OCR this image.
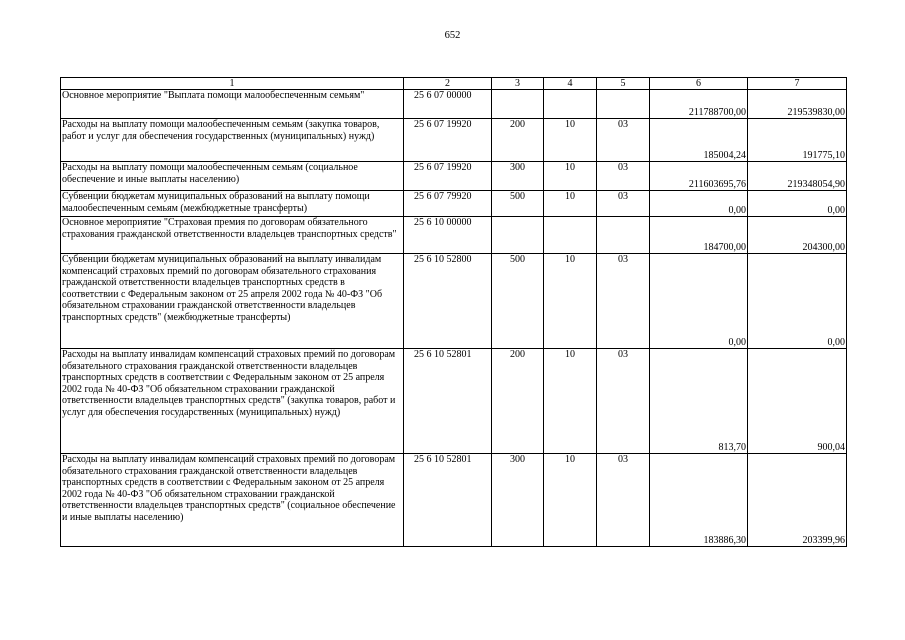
652
1	2	3	4	5	6	7
Основное мероприятие "Выплата помощи малообеспеченным семьям"	25 6 07 00000				211788700,00	219539830,00
Расходы на выплату помощи малообеспеченным семьям (закупка товаров, работ и услуг для обеспечения государственных (муниципальных) нужд)	25 6 07 19920	200	10	03	185004,24	191775,10
Расходы на выплату помощи малообеспеченным семьям (социальное обеспечение и иные выплаты населению)	25 6 07 19920	300	10	03	211603695,76	219348054,90
Субвенции бюджетам муниципальных образований на выплату помощи малообеспеченным семьям (межбюджетные трансферты)	25 6 07 79920	500	10	03	0,00	0,00
Основное мероприятие "Страховая премия по договорам обязательного страхования гражданской ответственности владельцев транспортных средств"	25 6 10 00000				184700,00	204300,00
Субвенции бюджетам муниципальных образований на выплату инвалидам компенсаций страховых премий по договорам обязательного страхования гражданской ответственности владельцев транспортных средств в соответствии с Федеральным законом от 25 апреля 2002 года № 40-ФЗ "Об обязательном страховании гражданской ответственности владельцев транспортных средств" (межбюджетные трансферты)	25 6 10 52800	500	10	03	0,00	0,00
Расходы на выплату инвалидам компенсаций страховых премий по договорам обязательного страхования гражданской ответственности владельцев транспортных средств в соответствии с Федеральным законом от 25 апреля 2002 года № 40-ФЗ "Об обязательном страховании гражданской ответственности владельцев транспортных средств" (закупка товаров, работ и услуг для обеспечения государственных (муниципальных) нужд)	25 6 10 52801	200	10	03	813,70	900,04
Расходы на выплату инвалидам компенсаций страховых премий по договорам обязательного страхования гражданской ответственности владельцев транспортных средств в соответствии с Федеральным законом от 25 апреля 2002 года № 40-ФЗ "Об обязательном страховании гражданской ответственности владельцев транспортных средств" (социальное обеспечение и иные выплаты населению)	25 6 10 52801	300	10	03	183886,30	203399,96
